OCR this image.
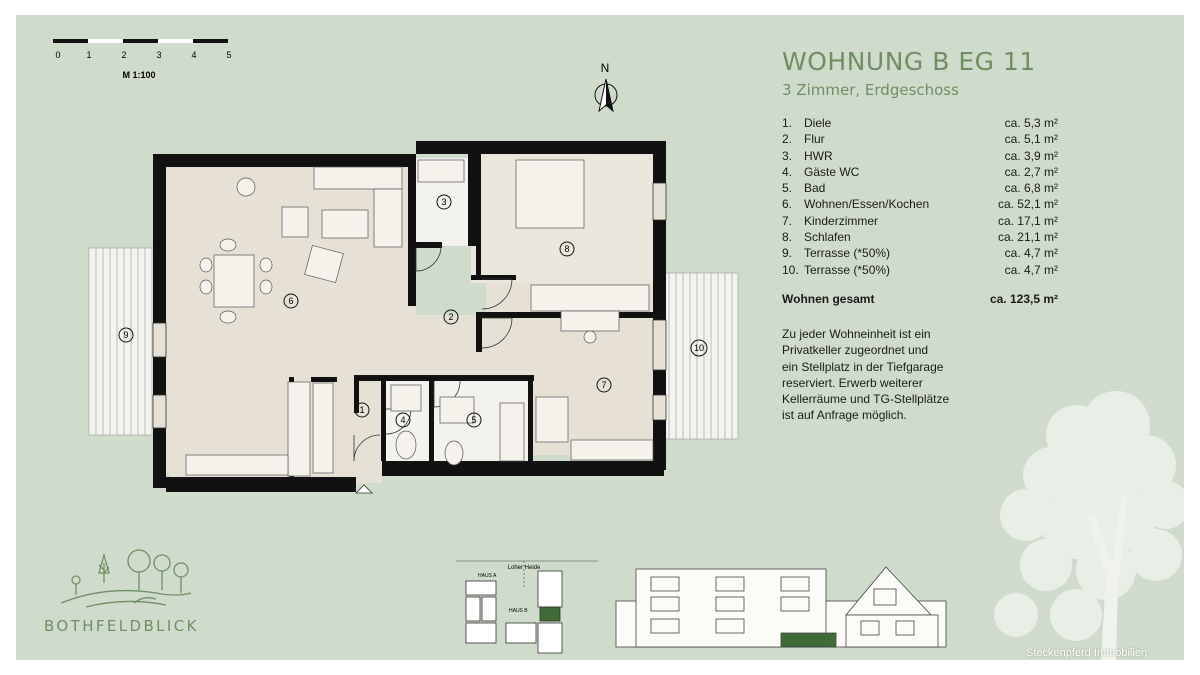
0	1	2	3	4	5
M 1:100	N
1
2
3
4	5
6
7
8
9
10
Loher Heide
HAUS A
HAUS B
WOHNUNG B EG 11
3 Zimmer, Erdgeschoss
1. Diele	ca. 5,3 m²
2. Flur	ca. 5,1 m²
3. HWR	ca. 3,9 m²
4. Gäste WC	ca. 2,7 m²
5. Bad	ca. 6,8 m²
6. Wohnen/Essen/Kochen	ca. 52,1 m²
7. Kinderzimmer	ca. 17,1 m²
8. Schlafen	ca. 21,1 m²
9. Terrasse (*50%)	ca. 4,7 m²
10. Terrasse (*50%)	ca. 4,7 m²
Wohnen gesamt	ca. 123,5 m²
Zu jeder Wohneinheit ist ein
Privatkeller zugeordnet und
ein Stellplatz in der Tiefgarage
reserviert. Erwerb weiterer
Kellerräume und TG-Stellplätze
ist auf Anfrage möglich.
BOTHFELDBLICK
Steckenpferd Immobilien
